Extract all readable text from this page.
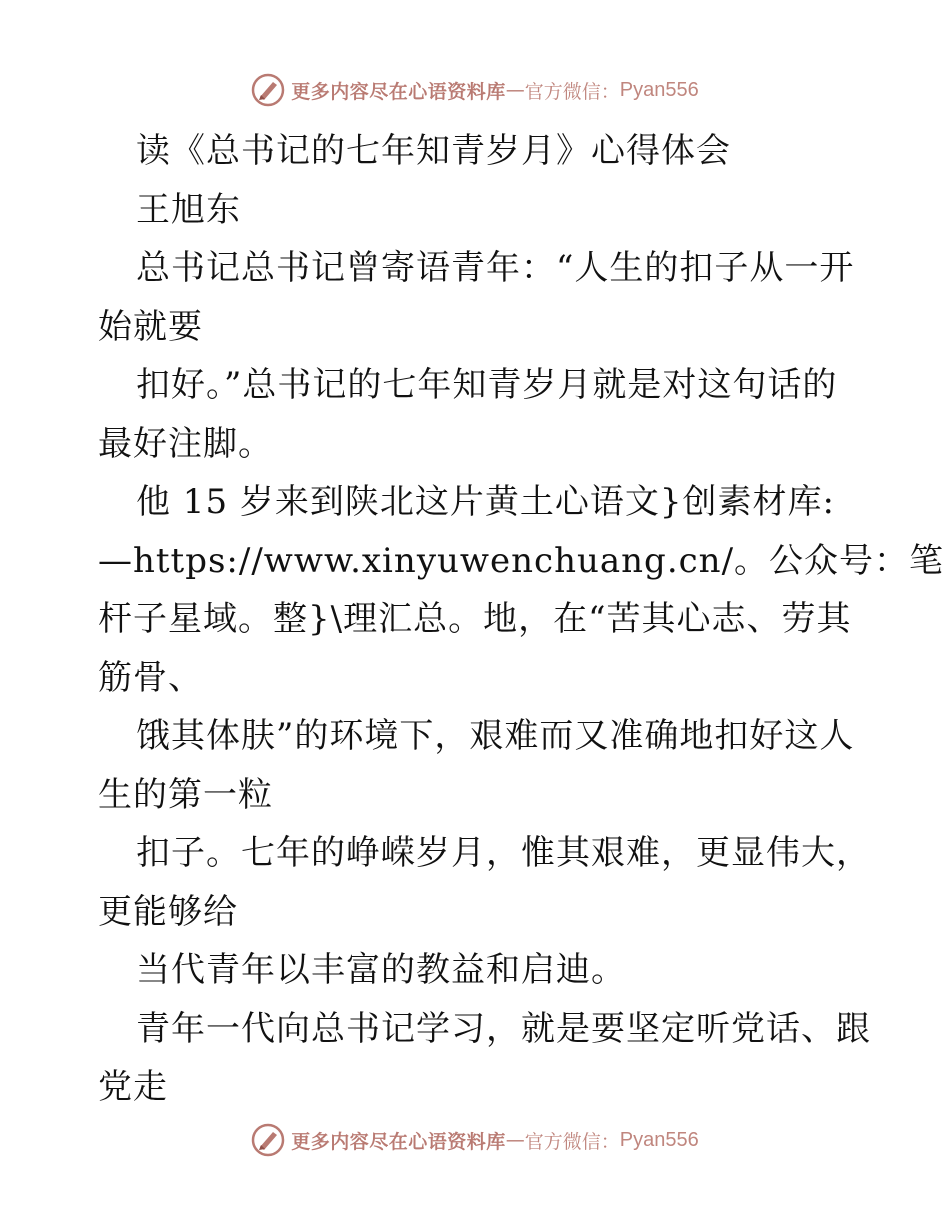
更多内容尽在心语资料库 — 官方微信： Pyan556
读《总书记的七年知青岁月》心得体会
王旭东
总书记总书记曾寄语青年：“人生的扣子从一开
始就要
扣好。”总书记的七年知青岁月就是对这句话的
最好注脚。
他 15 岁来到陕北这片黄土心语文}创素材库:
—https://www.xinyuwenchuang.cn/。公众号：笔
杆子星域。整}\理汇总。地，在“苦其心志、劳其
筋骨、
饿其体肤”的环境下，艰难而又准确地扣好这人
生的第一粒
扣子。七年的峥嵘岁月，惟其艰难，更显伟大，
更能够给
当代青年以丰富的教益和启迪。
青年一代向总书记学习，就是要坚定听党话、跟
党走
更多内容尽在心语资料库 — 官方微信： Pyan556
